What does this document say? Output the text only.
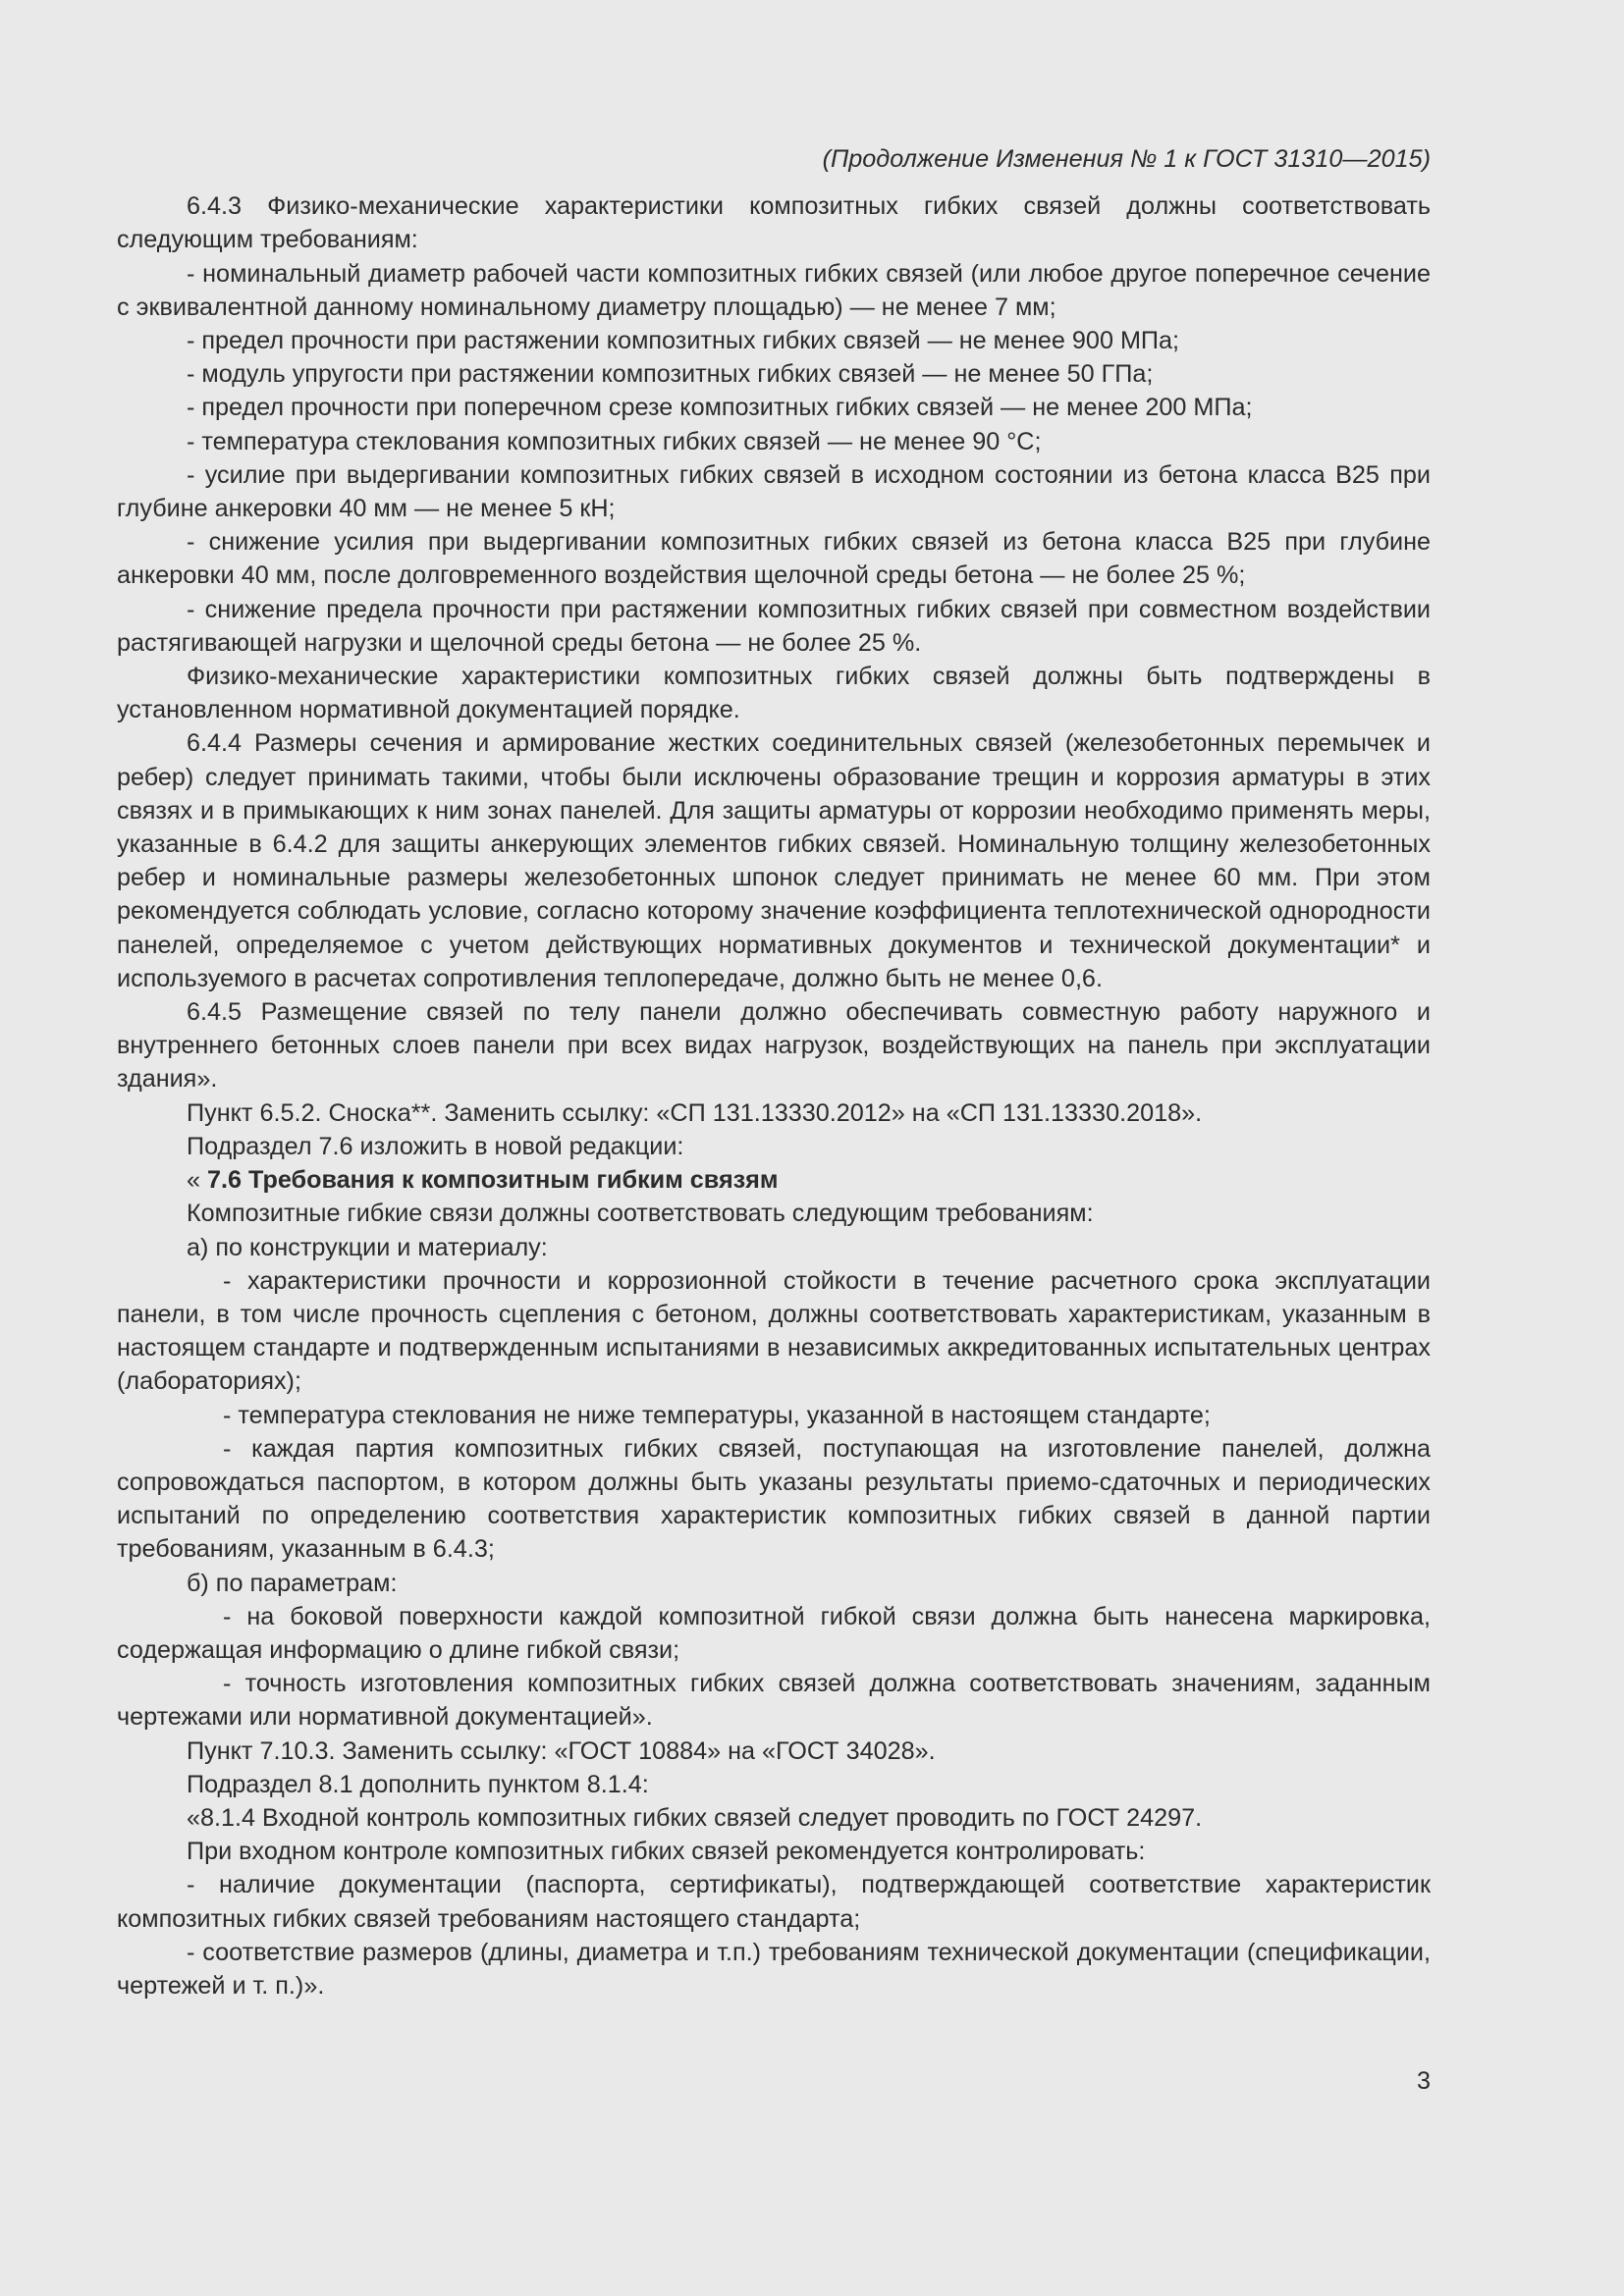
(Продолжение Изменения № 1 к ГОСТ 31310—2015)

6.4.3 Физико-механические характеристики композитных гибких связей должны соответствовать следующим требованиям:

- номинальный диаметр рабочей части композитных гибких связей (или любое другое поперечное сечение с эквивалентной данному номинальному диаметру площадью) — не менее 7 мм;

- предел прочности при растяжении композитных гибких связей — не менее 900 МПа;

- модуль упругости при растяжении композитных гибких связей — не менее 50 ГПа;

- предел прочности при поперечном срезе композитных гибких связей — не менее 200 МПа;

- температура стеклования композитных гибких связей — не менее 90 °С;

- усилие при выдергивании композитных гибких связей в исходном состоянии из бетона класса В25 при глубине анкеровки 40 мм — не менее 5 кН;

- снижение усилия при выдергивании композитных гибких связей из бетона класса В25 при глубине анкеровки 40 мм, после долговременного воздействия щелочной среды бетона — не более 25 %;

- снижение предела прочности при растяжении композитных гибких связей при совместном воздействии растягивающей нагрузки и щелочной среды бетона — не более 25 %.

Физико-механические характеристики композитных гибких связей должны быть подтверждены в установленном нормативной документацией порядке.

6.4.4 Размеры сечения и армирование жестких соединительных связей (железобетонных перемычек и ребер) следует принимать такими, чтобы были исключены образование трещин и коррозия арматуры в этих связях и в примыкающих к ним зонах панелей. Для защиты арматуры от коррозии необходимо применять меры, указанные в 6.4.2 для защиты анкерующих элементов гибких связей. Номинальную толщину железобетонных ребер и номинальные размеры железобетонных шпонок следует принимать не менее 60 мм. При этом рекомендуется соблюдать условие, согласно которому значение коэффициента теплотехнической однородности панелей, определяемое с учетом действующих нормативных документов и технической документации* и используемого в расчетах сопротивления теплопередаче, должно быть не менее 0,6.

6.4.5 Размещение связей по телу панели должно обеспечивать совместную работу наружного и внутреннего бетонных слоев панели при всех видах нагрузок, воздействующих на панель при эксплуатации здания».

Пункт 6.5.2. Сноска**. Заменить ссылку: «СП 131.13330.2012» на «СП 131.13330.2018».

Подраздел 7.6 изложить в новой редакции:

« 7.6 Требования к композитным гибким связям

Композитные гибкие связи должны соответствовать следующим требованиям:

а) по конструкции и материалу:

- характеристики прочности и коррозионной стойкости в течение расчетного срока эксплуатации панели, в том числе прочность сцепления с бетоном, должны соответствовать характеристикам, указанным в настоящем стандарте и подтвержденным испытаниями в независимых аккредитованных испытательных центрах (лабораториях);

- температура стеклования не ниже температуры, указанной в настоящем стандарте;

- каждая партия композитных гибких связей, поступающая на изготовление панелей, должна сопровождаться паспортом, в котором должны быть указаны результаты приемо-сдаточных и периодических испытаний по определению соответствия характеристик композитных гибких связей в данной партии требованиям, указанным в 6.4.3;

б) по параметрам:

- на боковой поверхности каждой композитной гибкой связи должна быть нанесена маркировка, содержащая информацию о длине гибкой связи;

- точность изготовления композитных гибких связей должна соответствовать значениям, заданным чертежами или нормативной документацией».

Пункт 7.10.3. Заменить ссылку: «ГОСТ 10884» на «ГОСТ 34028».

Подраздел 8.1 дополнить пунктом 8.1.4:

«8.1.4 Входной контроль композитных гибких связей следует проводить по ГОСТ 24297.

При входном контроле композитных гибких связей рекомендуется контролировать:

- наличие документации (паспорта, сертификаты), подтверждающей соответствие характеристик композитных гибких связей требованиям настоящего стандарта;

- соответствие размеров (длины, диаметра и т.п.) требованиям технической документации (спецификации, чертежей и т. п.)».

3
